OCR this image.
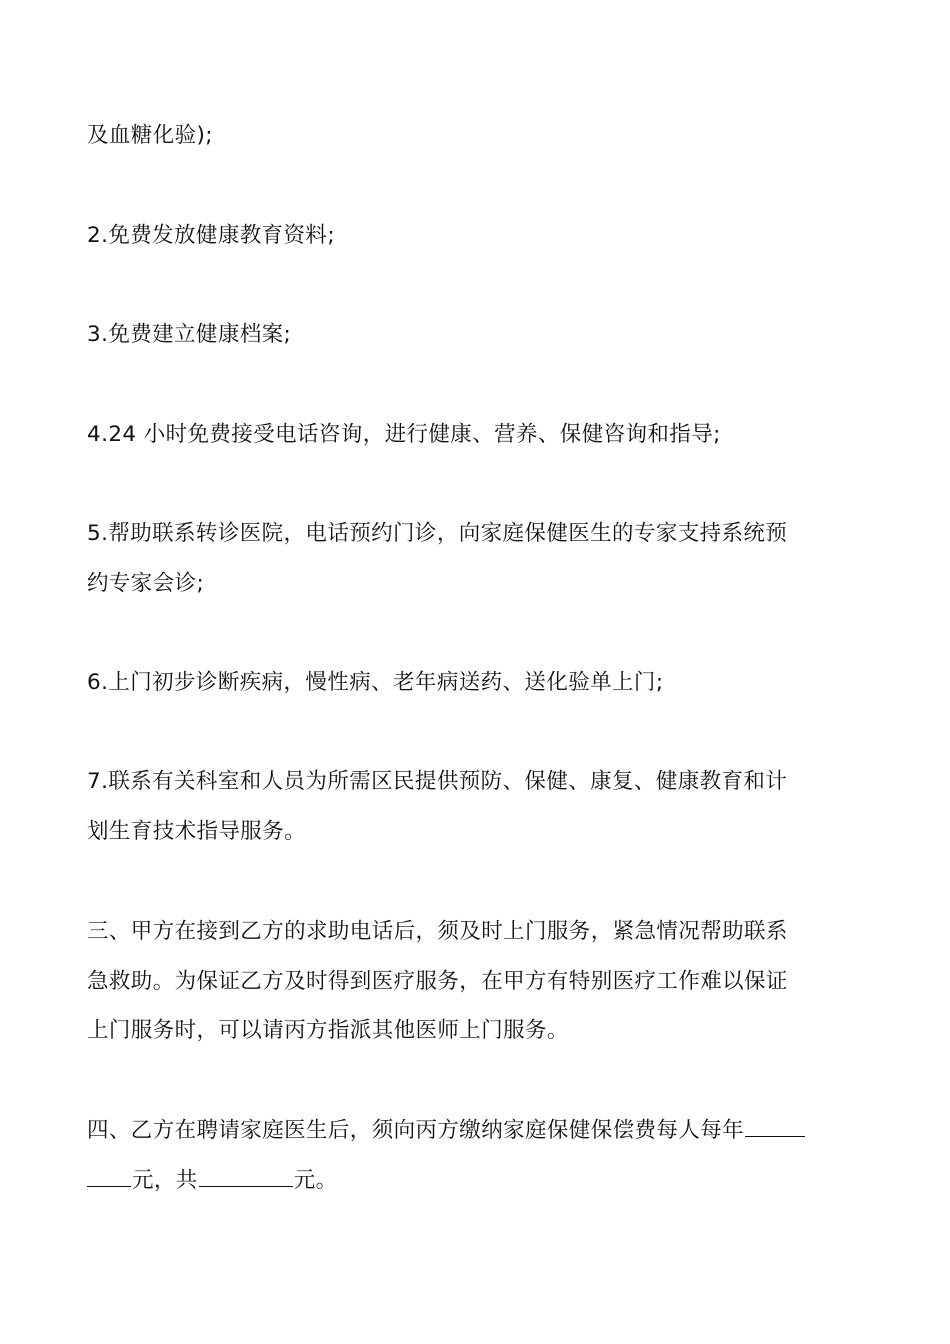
及血糖化验);
2.免费发放健康教育资料;
3.免费建立健康档案;
4.24 小时免费接受电话咨询，进行健康、营养、保健咨询和指导;
5.帮助联系转诊医院，电话预约门诊，向家庭保健医生的专家支持系统预
约专家会诊;
6.上门初步诊断疾病，慢性病、老年病送药、送化验单上门;
7.联系有关科室和人员为所需区民提供预防、保健、康复、健康教育和计
划生育技术指导服务。
三、甲方在接到乙方的求助电话后，须及时上门服务，紧急情况帮助联系
急救助。为保证乙方及时得到医疗服务，在甲方有特别医疗工作难以保证
上门服务时，可以请丙方指派其他医师上门服务。
四、乙方在聘请家庭医生后，须向丙方缴纳家庭保健保偿费每人每年
元，共	元。
